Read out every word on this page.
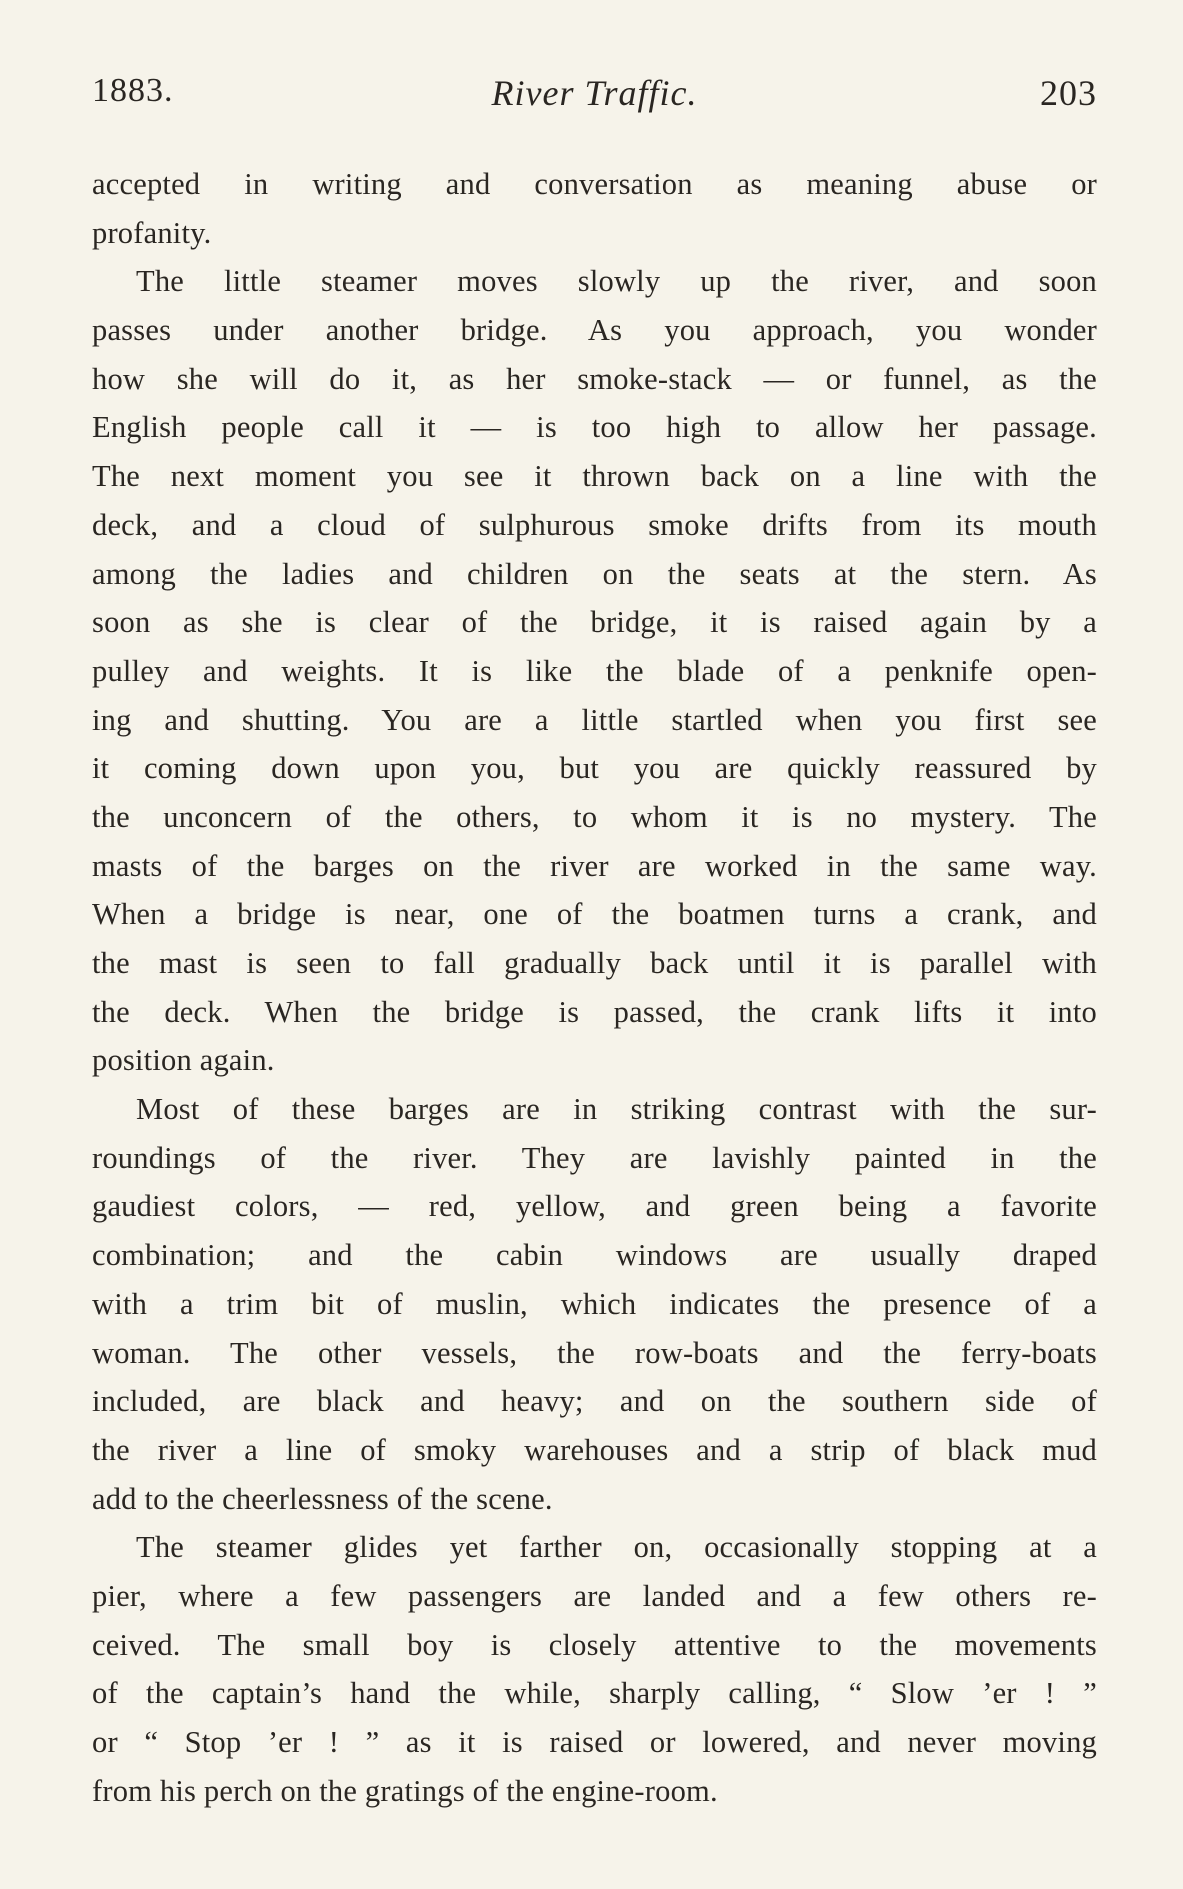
1883.	River Traffic.	203
accepted in writing and conversation as meaning abuse or
profanity.
The little steamer moves slowly up the river, and soon
passes under another bridge. As you approach, you wonder
how she will do it, as her smoke-stack — or funnel, as the
English people call it — is too high to allow her passage.
The next moment you see it thrown back on a line with the
deck, and a cloud of sulphurous smoke drifts from its mouth
among the ladies and children on the seats at the stern. As
soon as she is clear of the bridge, it is raised again by a
pulley and weights. It is like the blade of a penknife open-
ing and shutting. You are a little startled when you first see
it coming down upon you, but you are quickly reassured by
the unconcern of the others, to whom it is no mystery. The
masts of the barges on the river are worked in the same way.
When a bridge is near, one of the boatmen turns a crank, and
the mast is seen to fall gradually back until it is parallel with
the deck. When the bridge is passed, the crank lifts it into
position again.
Most of these barges are in striking contrast with the sur-
roundings of the river. They are lavishly painted in the
gaudiest colors, — red, yellow, and green being a favorite
combination; and the cabin windows are usually draped
with a trim bit of muslin, which indicates the presence of a
woman. The other vessels, the row-boats and the ferry-boats
included, are black and heavy; and on the southern side of
the river a line of smoky warehouses and a strip of black mud
add to the cheerlessness of the scene.
The steamer glides yet farther on, occasionally stopping at a
pier, where a few passengers are landed and a few others re-
ceived. The small boy is closely attentive to the movements
of the captain’s hand the while, sharply calling, “ Slow ’er ! ”
or “ Stop ’er ! ” as it is raised or lowered, and never moving
from his perch on the gratings of the engine-room.
